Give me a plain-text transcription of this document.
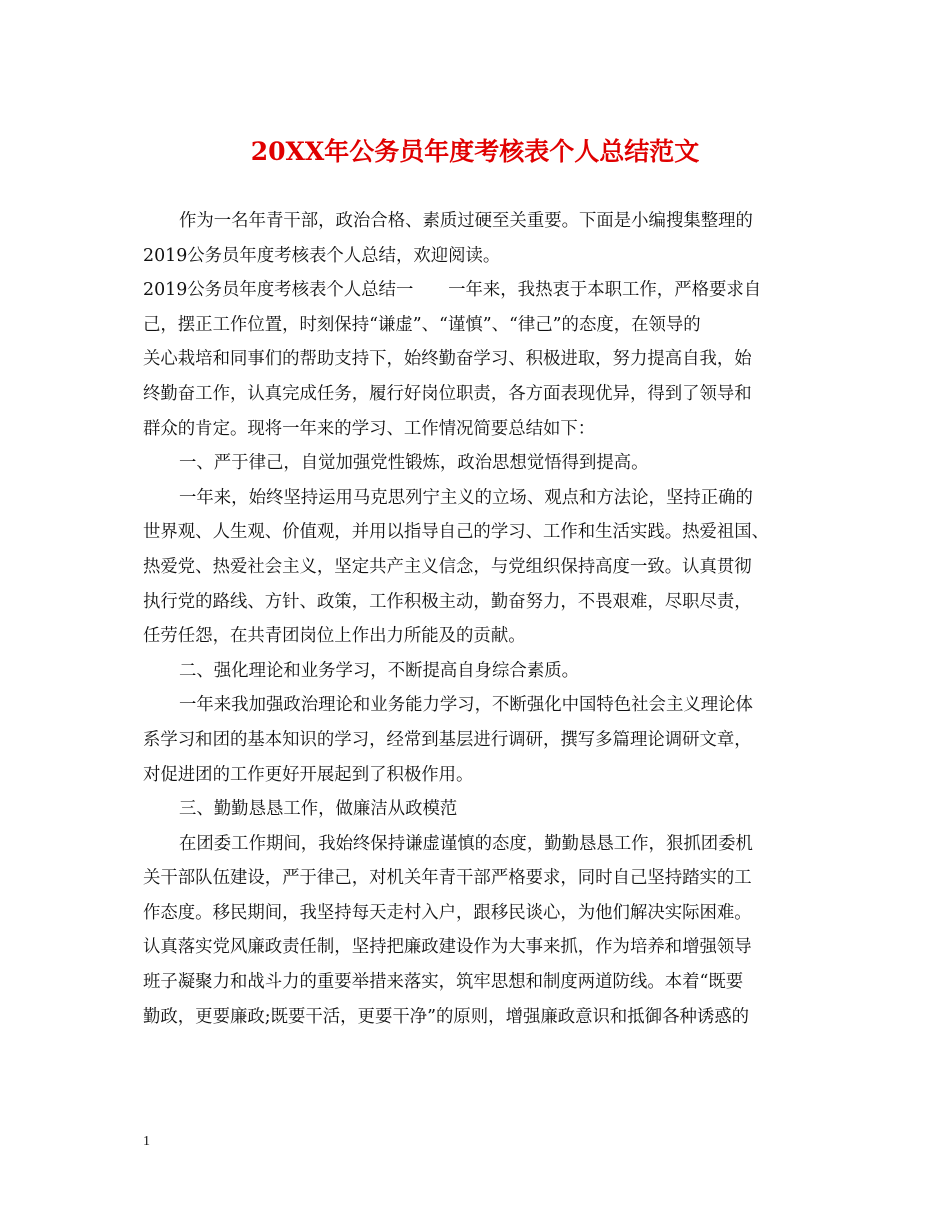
20XX年公务员年度考核表个人总结范文
作为一名年青干部，政治合格、素质过硬至关重要。下面是小编搜集整理的
2019公务员年度考核表个人总结，欢迎阅读。
2019公务员年度考核表个人总结一　　一年来，我热衷于本职工作，严格要求自
己，摆正工作位置，时刻保持“谦虚”、“谨慎”、“律己”的态度，在领导的
关心栽培和同事们的帮助支持下，始终勤奋学习、积极进取，努力提高自我，始
终勤奋工作，认真完成任务，履行好岗位职责，各方面表现优异，得到了领导和
群众的肯定。现将一年来的学习、工作情况简要总结如下：
一、严于律己，自觉加强党性锻炼，政治思想觉悟得到提高。
一年来，始终坚持运用马克思列宁主义的立场、观点和方法论，坚持正确的
世界观、人生观、价值观，并用以指导自己的学习、工作和生活实践。热爱祖国、
热爱党、热爱社会主义，坚定共产主义信念，与党组织保持高度一致。认真贯彻
执行党的路线、方针、政策，工作积极主动，勤奋努力，不畏艰难，尽职尽责，
任劳任怨，在共青团岗位上作出力所能及的贡献。
二、强化理论和业务学习，不断提高自身综合素质。
一年来我加强政治理论和业务能力学习，不断强化中国特色社会主义理论体
系学习和团的基本知识的学习，经常到基层进行调研，撰写多篇理论调研文章，
对促进团的工作更好开展起到了积极作用。
三、勤勤恳恳工作，做廉洁从政模范
在团委工作期间，我始终保持谦虚谨慎的态度，勤勤恳恳工作，狠抓团委机
关干部队伍建设，严于律己，对机关年青干部严格要求，同时自己坚持踏实的工
作态度。移民期间，我坚持每天走村入户，跟移民谈心，为他们解决实际困难。
认真落实党风廉政责任制，坚持把廉政建设作为大事来抓，作为培养和增强领导
班子凝聚力和战斗力的重要举措来落实，筑牢思想和制度两道防线。本着“既要
勤政，更要廉政;既要干活，更要干净”的原则，增强廉政意识和抵御各种诱惑的
1
